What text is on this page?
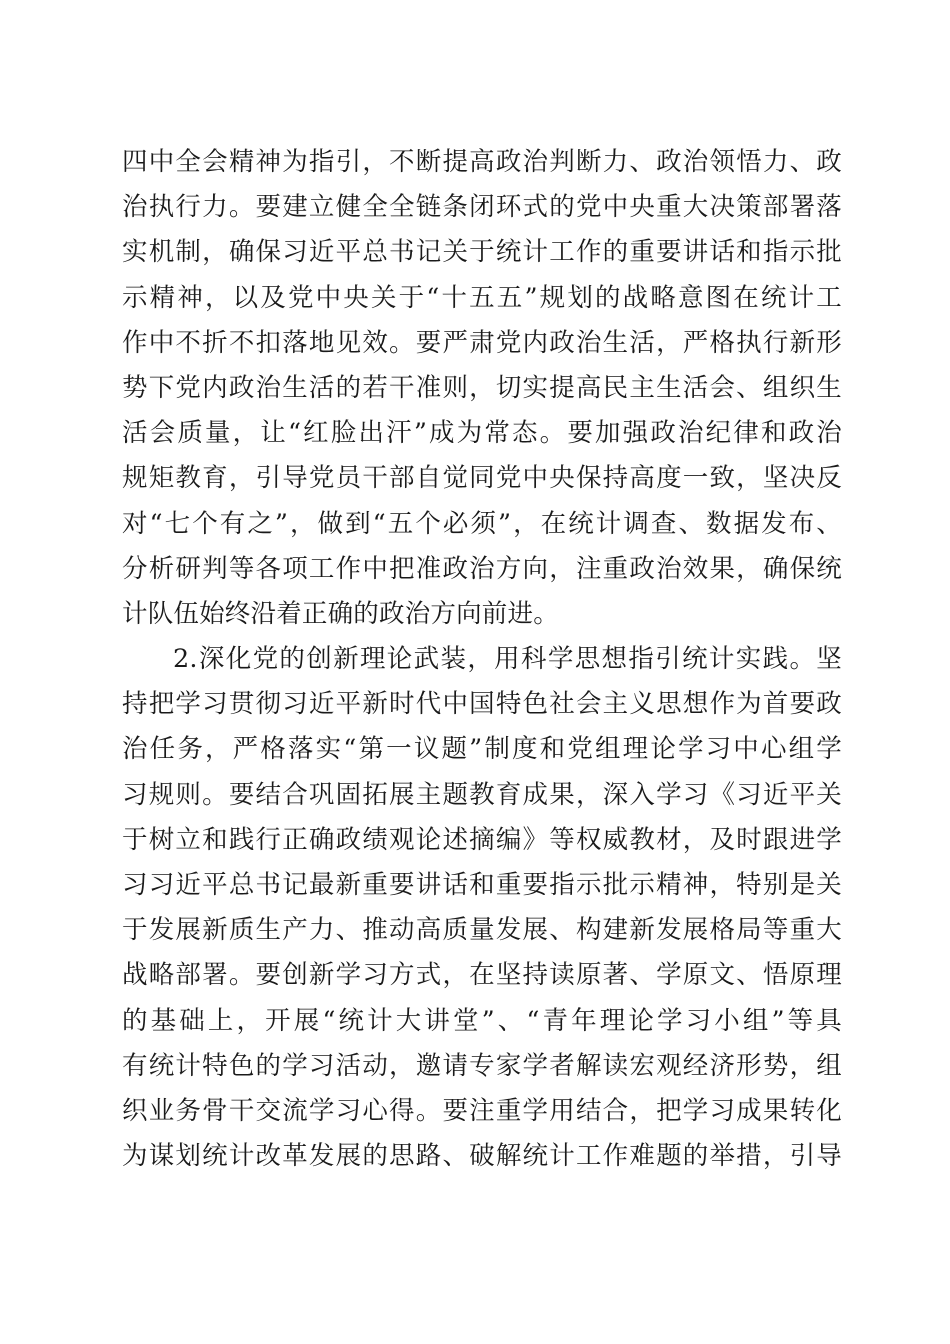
四中全会精神为指引，不断提高政治判断力、政治领悟力、政
治执行力。要建立健全全链条闭环式的党中央重大决策部署落
实机制，确保习近平总书记关于统计工作的重要讲话和指示批
示精神，以及党中央关于“十五五”规划的战略意图在统计工
作中不折不扣落地见效。要严肃党内政治生活，严格执行新形
势下党内政治生活的若干准则，切实提高民主生活会、组织生
活会质量，让“红脸出汗”成为常态。要加强政治纪律和政治
规矩教育，引导党员干部自觉同党中央保持高度一致，坚决反
对“七个有之”，做到“五个必须”，在统计调查、数据发布、
分析研判等各项工作中把准政治方向，注重政治效果，确保统
计队伍始终沿着正确的政治方向前进。
2.深化党的创新理论武装，用科学思想指引统计实践。坚
持把学习贯彻习近平新时代中国特色社会主义思想作为首要政
治任务，严格落实“第一议题”制度和党组理论学习中心组学
习规则。要结合巩固拓展主题教育成果，深入学习《习近平关
于树立和践行正确政绩观论述摘编》等权威教材，及时跟进学
习习近平总书记最新重要讲话和重要指示批示精神，特别是关
于发展新质生产力、推动高质量发展、构建新发展格局等重大
战略部署。要创新学习方式，在坚持读原著、学原文、悟原理
的基础上，开展“统计大讲堂”、“青年理论学习小组”等具
有统计特色的学习活动，邀请专家学者解读宏观经济形势，组
织业务骨干交流学习心得。要注重学用结合，把学习成果转化
为谋划统计改革发展的思路、破解统计工作难题的举措，引导
